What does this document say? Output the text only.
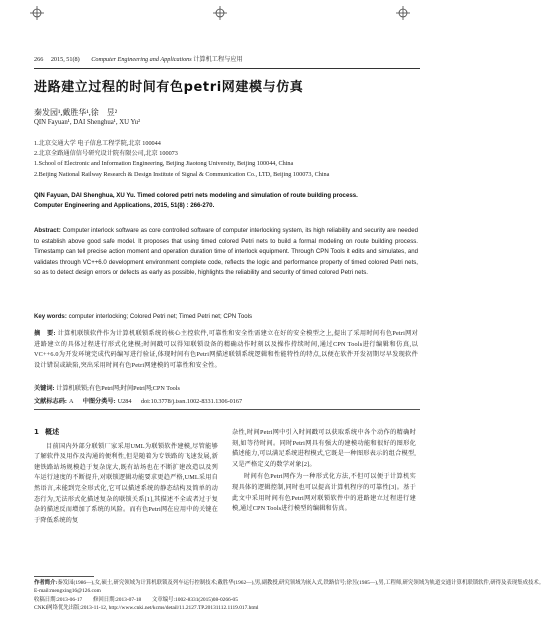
266 2015, 51(8) Computer Engineering and Applications 计算机工程与应用
进路建立过程的时间有色petri网建模与仿真
秦发园¹,戴胜华¹,徐　昱²
QIN Fayuan¹, DAI Shenghua¹, XU Yu²
1.北京交通大学 电子信息工程学院,北京 100044
2.北京全路通信信号研究设计院有限公司,北京 100073
1.School of Electronic and Information Engineering, Beijing Jiaotong University, Beijing 100044, China
2.Beijing National Railway Research & Design Institute of Signal & Communication Co., LTD, Beijing 100073, China
QIN Fayuan, DAI Shenghua, XU Yu. Timed colored petri nets modeling and simulation of route building process.
Computer Engineering and Applications, 2015, 51(8) : 266-270.
Abstract: Computer interlock software as core controlled software of computer interlocking system, its high reliability and security are needed to establish above good safe model. It proposes that using timed colored Petri nets to build a formal modeling on route building process. Timestamp can tell precise action moment and operation duration time of interlock equipment. Through CPN Tools it edits and simulates, and validates through VC++6.0 development environment complete code, reflects the logic and performance property of timed colored Petri nets, so as to detect design errors or defects as early as possible, highlights the reliability and security of timed colored Petri nets.
Key words: computer interlocking; Colored Petri net; Timed Petri net; CPN Tools
摘　要: 计算机联锁软件作为计算机联锁系统的核心主控软件,可靠性和安全性需建立在好的安全模型之上,提出了采用时间有色Petri网对进路建立的具体过程进行形式化建模;时间戳可以得知联锁设备的精确动作时刻以及操作持续时间,通过CPN Tools进行编辑和仿真,以VC++6.0为开发环境完成代码编写进行验证,体现时间有色Petri网描述联锁系统逻辑和性能特性的特点,以便在软件开发初期尽早发现软件设计错误或缺陷,突出采用时间有色Petri网建模的可靠性和安全性。
关键词: 计算机联锁;有色Petri网;时间Petri网;CPN Tools
文献标志码: A 中图分类号: U284 doi:10.3778/j.issn.1002-8331.1306-0167
1 概述

目前国内外部分联锁厂家采用UML为联锁软件建模,尽管能够了解软件及用作及沟通的便利性,但是随着为专铁路的飞速发展,新建铁路站场规模趋于复杂庞大,既有站场也在不断扩建改造以及列车运行速度的不断提升,对联锁逻辑功能要求更趋严格,UML采用自然语言,未能到完全形式化,它可以描述系统的静态结构及简单的动态行为,无法形式化描述复杂的联锁关系[1],其描述不全或者过于复杂的描述反而增加了系统的风险。而有色Petri网在应用中的关键在于降低系统的复

杂性,时间Petri网中引入时间戳可以获取系统中各个动作的精确时刻,如等待时间。同时Petri网具有强大的建模功能和很好的图形化描述能力,可以满足系统进程模式,它既是一种图形表示的组合模型,又是严格定义的数学对象[2]。

时间有色Petri网作为一种形式化方法,不但可以便于计算机实现具体的逻辑控制,同时也可以提高计算机程序的可靠性[3]。基于此文中采用时间有色Petri网对联锁软件中的进路建立过程进行建模,通过CPN Tools进行模型的编辑和仿真。

作者简介:秦发园(1986—),女,硕士,研究领域为计算机联锁及列车运行控制技术;戴胜华(1962—),男,副教授,研究领域为嵌入式,铁路信号;徐昱(1985—),男,工程师,研究领域为轨道交通计算机联锁软件,研得及表现集成技术。
E-mail:mengxing16@126.com
收稿日期:2013-06-17　　修回日期:2013-07-18　　文章编号:1002-8331(2015)08-0266-05
CNKI网络优先出版:2013-11-12, http://www.cnki.net/kcms/detail/11.2127.TP.20131112.1119.017.html
